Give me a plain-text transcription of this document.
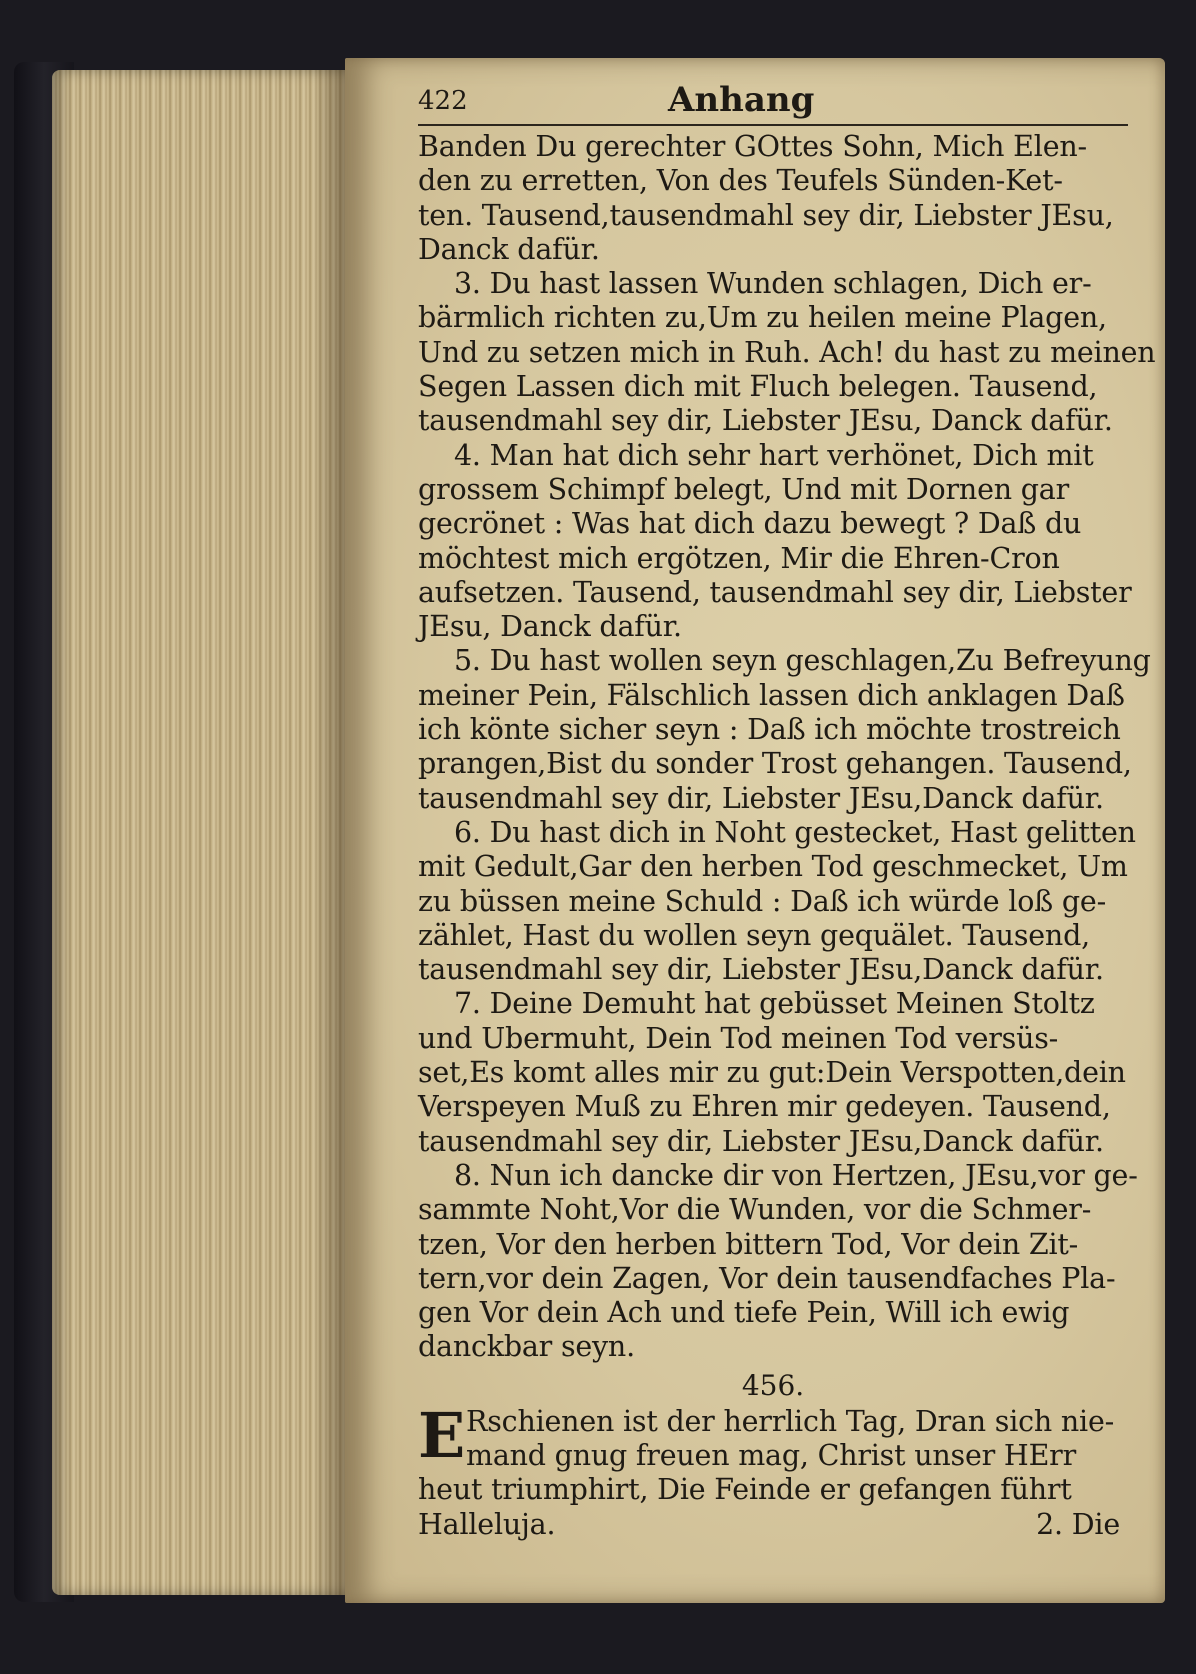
422	Anhang
Banden Du gerechter GOttes Sohn, Mich Elen-
den zu erretten, Von des Teufels Sünden-Ket-
ten. Tausend,tausendmahl sey dir, Liebster JEsu,
Danck dafür.
3. Du hast lassen Wunden schlagen, Dich er-
bärmlich richten zu,Um zu heilen meine Plagen,
Und zu setzen mich in Ruh. Ach! du hast zu meinen
Segen Lassen dich mit Fluch belegen. Tausend,
tausendmahl sey dir, Liebster JEsu, Danck dafür.
4. Man hat dich sehr hart verhönet, Dich mit
grossem Schimpf belegt, Und mit Dornen gar
gecrönet : Was hat dich dazu bewegt ? Daß du
möchtest mich ergötzen, Mir die Ehren-Cron
aufsetzen. Tausend, tausendmahl sey dir, Liebster
JEsu, Danck dafür.
5. Du hast wollen seyn geschlagen,Zu Befreyung
meiner Pein, Fälschlich lassen dich anklagen Daß
ich könte sicher seyn : Daß ich möchte trostreich
prangen,Bist du sonder Trost gehangen. Tausend,
tausendmahl sey dir, Liebster JEsu,Danck dafür.
6. Du hast dich in Noht gestecket, Hast gelitten
mit Gedult,Gar den herben Tod geschmecket, Um
zu büssen meine Schuld : Daß ich würde loß ge-
zählet, Hast du wollen seyn gequälet. Tausend,
tausendmahl sey dir, Liebster JEsu,Danck dafür.
7. Deine Demuht hat gebüsset Meinen Stoltz
und Ubermuht, Dein Tod meinen Tod versüs-
set,Es komt alles mir zu gut:Dein Verspotten,dein
Verspeyen Muß zu Ehren mir gedeyen. Tausend,
tausendmahl sey dir, Liebster JEsu,Danck dafür.
8. Nun ich dancke dir von Hertzen, JEsu,vor ge-
sammte Noht,Vor die Wunden, vor die Schmer-
tzen, Vor den herben bittern Tod, Vor dein Zit-
tern,vor dein Zagen, Vor dein tausendfaches Pla-
gen Vor dein Ach und tiefe Pein, Will ich ewig
danckbar seyn.
456.
E Rschienen ist der herrlich Tag, Dran sich nie-
mand gnug freuen mag, Christ unser HErr
heut triumphirt, Die Feinde er gefangen führt
Halleluja.	2. Die
